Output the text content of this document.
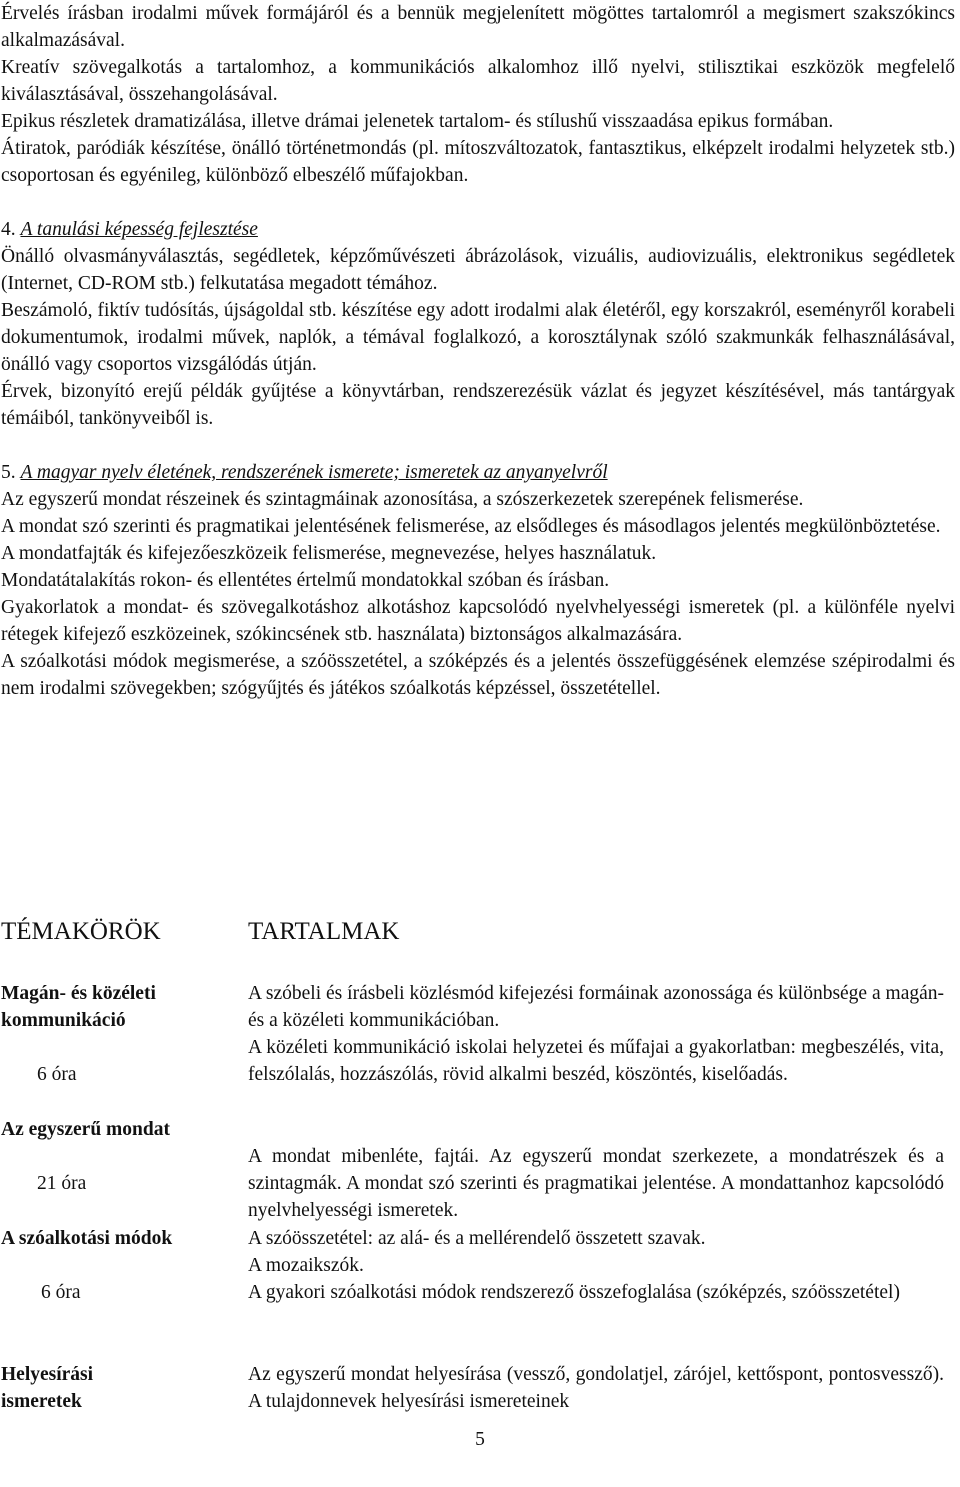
Érvelés írásban irodalmi művek formájáról és a bennük megjelenített mögöttes tartalomról a megismert szakszókincs alkalmazásával.

Kreatív szövegalkotás a tartalomhoz, a kommunikációs alkalomhoz illő nyelvi, stilisztikai eszközök megfelelő kiválasztásával, összehangolásával.

Epikus részletek dramatizálása, illetve drámai jelenetek tartalom- és stílushű visszaadása epikus formában.

Átiratok, paródiák készítése, önálló történetmondás (pl. mítoszváltozatok, fantasztikus, elképzelt irodalmi helyzetek stb.) csoportosan és egyénileg, különböző elbeszélő műfajokban.

4. A tanulási képesség fejlesztése

Önálló olvasmányválasztás, segédletek, képzőművészeti ábrázolások, vizuális, audiovizuális, elektronikus segédletek (Internet, CD-ROM stb.) felkutatása megadott témához.

Beszámoló, fiktív tudósítás, újságoldal stb. készítése egy adott irodalmi alak életéről, egy korszakról, eseményről korabeli dokumentumok, irodalmi művek, naplók, a témával foglalkozó, a korosztálynak szóló szakmunkák felhasználásával, önálló vagy csoportos vizsgálódás útján.

Érvek, bizonyító erejű példák gyűjtése a könyvtárban, rendszerezésük vázlat és jegyzet készítésével, más tantárgyak témáiból, tankönyveiből is.

5. A magyar nyelv életének, rendszerének ismerete; ismeretek az anyanyelvről

Az egyszerű mondat részeinek és szintagmáinak azonosítása, a szószerkezetek szerepének felismerése.

A mondat szó szerinti és pragmatikai jelentésének felismerése, az elsődleges és másodlagos jelentés megkülönböztetése.

A mondatfajták és kifejezőeszközeik felismerése, megnevezése, helyes használatuk.

Mondatátalakítás rokon- és ellentétes értelmű mondatokkal szóban és írásban.

Gyakorlatok a mondat- és szövegalkotáshoz alkotáshoz kapcsolódó nyelvhelyességi ismeretek (pl. a különféle nyelvi rétegek kifejező eszközeinek, szókincsének stb. használata) biztonságos alkalmazására.

A szóalkotási módok megismerése, a szóösszetétel, a szóképzés és a jelentés összefüggésének elemzése szépirodalmi és nem irodalmi szövegekben; szógyűjtés és játékos szóalkotás képzéssel, összetétellel.

TÉMAKÖRÖK	TARTALMAK

Magán- és közéleti kommunikáció

6 óra

A szóbeli és írásbeli közlésmód kifejezési formáinak azonossága és különbsége a magán- és a közéleti kommunikációban.

A közéleti kommunikáció iskolai helyzetei és műfajai a gyakorlatban: megbeszélés, vita, felszólalás, hozzászólás, rövid alkalmi beszéd, köszöntés, kiselőadás.

Az egyszerű mondat

21 óra

A mondat mibenléte, fajtái. Az egyszerű mondat szerkezete, a mondatrészek és a szintagmák. A mondat szó szerinti és pragmatikai jelentése. A mondattanhoz kapcsolódó nyelvhelyességi ismeretek.

A szóalkotási módok

6 óra

A szóösszetétel: az alá- és a mellérendelő összetett szavak.

A mozaikszók.

A gyakori szóalkotási módok rendszerező összefoglalása (szóképzés, szóösszetétel)

Helyesírási ismeretek

Az egyszerű mondat helyesírása (vessző, gondolatjel, zárójel, kettőspont, pontosvessző). A tulajdonnevek helyesírási ismereteinek

5
